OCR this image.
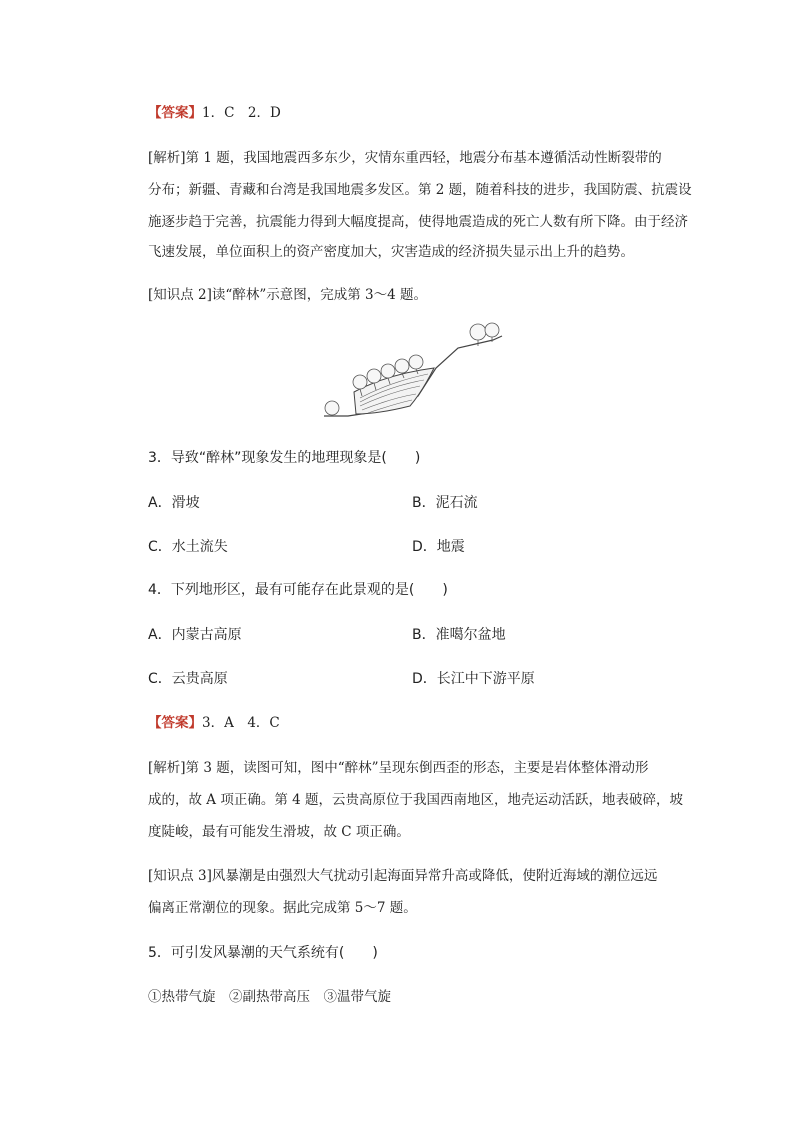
【答案】1．C　2．D
[解析]第 1 题，我国地震西多东少，灾情东重西轻，地震分布基本遵循活动性断裂带的
分布；新疆、青藏和台湾是我国地震多发区。第 2 题，随着科技的进步，我国防震、抗震设
施逐步趋于完善，抗震能力得到大幅度提高，使得地震造成的死亡人数有所下降。由于经济
飞速发展，单位面积上的资产密度加大，灾害造成的经济损失显示出上升的趋势。
[知识点 2]读“醉林”示意图，完成第 3～4 题。
3．导致“醉林”现象发生的地理现象是(　　)
A．滑坡	B．泥石流
C．水土流失	D．地震
4．下列地形区，最有可能存在此景观的是(　　)
A．内蒙古高原	B．准噶尔盆地
C．云贵高原	D．长江中下游平原
【答案】3．A　4．C
[解析]第 3 题，读图可知，图中“醉林”呈现东倒西歪的形态，主要是岩体整体滑动形
成的，故 A 项正确。第 4 题，云贵高原位于我国西南地区，地壳运动活跃，地表破碎，坡
度陡峻，最有可能发生滑坡，故 C 项正确。
[知识点 3]风暴潮是由强烈大气扰动引起海面异常升高或降低，使附近海域的潮位远远
偏离正常潮位的现象。据此完成第 5～7 题。
5．可引发风暴潮的天气系统有(　　)
①热带气旋　②副热带高压　③温带气旋
